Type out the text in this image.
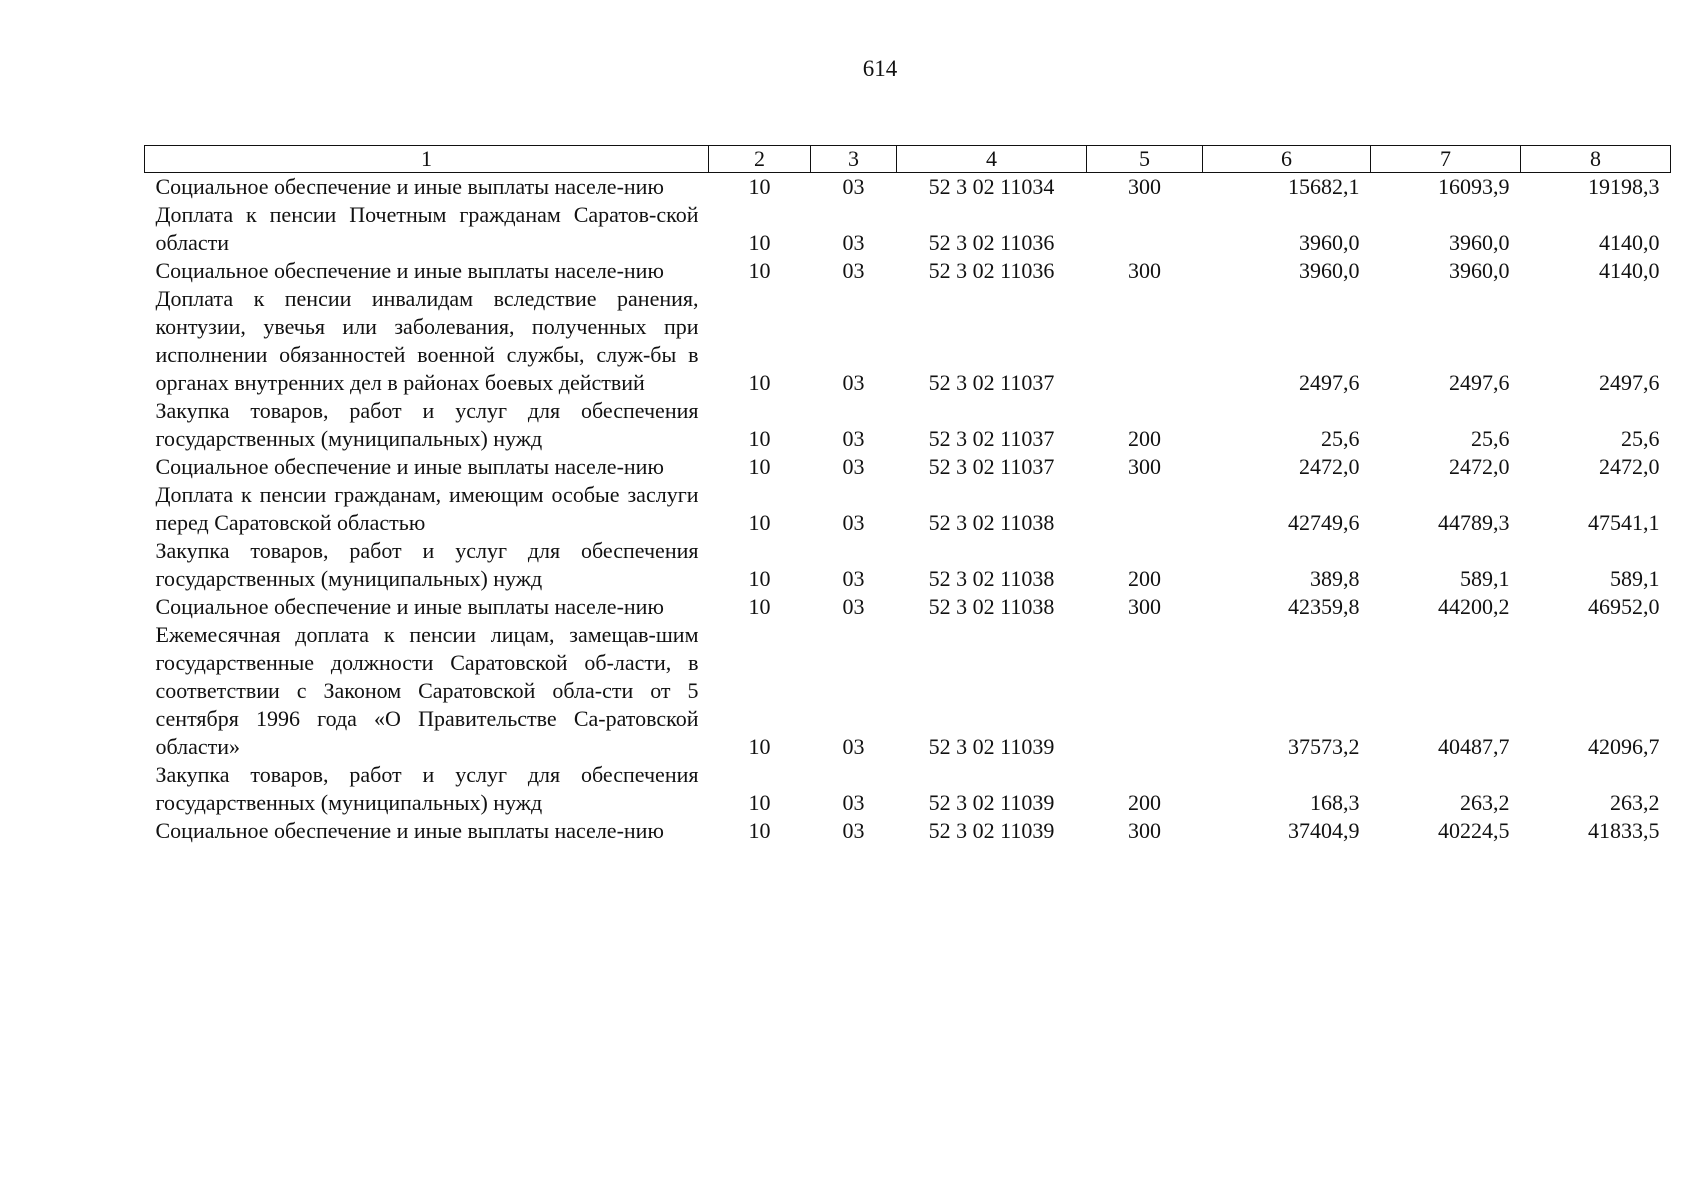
614
1	2	3	4	5	6	7	8
Социальное обеспечение и иные выплаты населе-нию	10	03	52 3 02 11034	300	15682,1	16093,9	19198,3
Доплата к пенсии Почетным гражданам Саратов-ской области	10	03	52 3 02 11036		3960,0	3960,0	4140,0
Социальное обеспечение и иные выплаты населе-нию	10	03	52 3 02 11036	300	3960,0	3960,0	4140,0
Доплата к пенсии инвалидам вследствие ранения, контузии, увечья или заболевания, полученных при исполнении обязанностей военной службы, служ-бы в органах внутренних дел в районах боевых действий	10	03	52 3 02 11037		2497,6	2497,6	2497,6
Закупка товаров, работ и услуг для обеспечения государственных (муниципальных) нужд	10	03	52 3 02 11037	200	25,6	25,6	25,6
Социальное обеспечение и иные выплаты населе-нию	10	03	52 3 02 11037	300	2472,0	2472,0	2472,0
Доплата к пенсии гражданам, имеющим особые заслуги перед Саратовской областью	10	03	52 3 02 11038		42749,6	44789,3	47541,1
Закупка товаров, работ и услуг для обеспечения государственных (муниципальных) нужд	10	03	52 3 02 11038	200	389,8	589,1	589,1
Социальное обеспечение и иные выплаты населе-нию	10	03	52 3 02 11038	300	42359,8	44200,2	46952,0
Ежемесячная доплата к пенсии лицам, замещав-шим государственные должности Саратовской об-ласти, в соответствии с Законом Саратовской обла-сти от 5 сентября 1996 года «О Правительстве Са-ратовской области»	10	03	52 3 02 11039		37573,2	40487,7	42096,7
Закупка товаров, работ и услуг для обеспечения государственных (муниципальных) нужд	10	03	52 3 02 11039	200	168,3	263,2	263,2
Социальное обеспечение и иные выплаты населе-нию	10	03	52 3 02 11039	300	37404,9	40224,5	41833,5
